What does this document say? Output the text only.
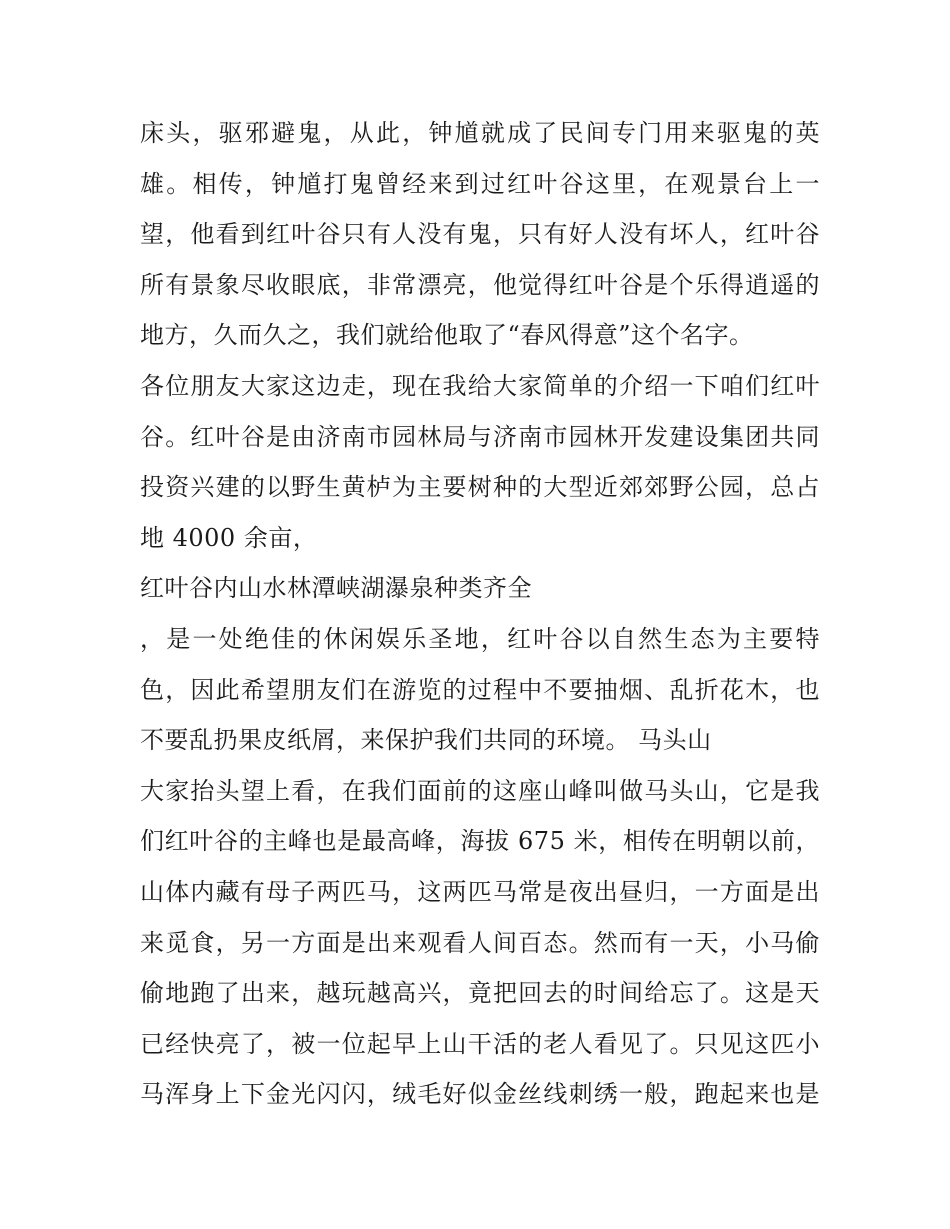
床头，驱邪避鬼，从此，钟馗就成了民间专门用来驱鬼的英
雄。相传，钟馗打鬼曾经来到过红叶谷这里，在观景台上一
望，他看到红叶谷只有人没有鬼，只有好人没有坏人，红叶谷
所有景象尽收眼底，非常漂亮，他觉得红叶谷是个乐得逍遥的
地方，久而久之，我们就给他取了“春风得意”这个名字。
各位朋友大家这边走，现在我给大家简单的介绍一下咱们红叶
谷。红叶谷是由济南市园林局与济南市园林开发建设集团共同
投资兴建的以野生黄栌为主要树种的大型近郊郊野公园，总占
地 4000 余亩，
红叶谷内山水林潭峡湖瀑泉种类齐全
，是一处绝佳的休闲娱乐圣地，红叶谷以自然生态为主要特
色，因此希望朋友们在游览的过程中不要抽烟、乱折花木，也
不要乱扔果皮纸屑，来保护我们共同的环境。 马头山
大家抬头望上看，在我们面前的这座山峰叫做马头山，它是我
们红叶谷的主峰也是最高峰，海拔 675 米，相传在明朝以前，
山体内藏有母子两匹马，这两匹马常是夜出昼归，一方面是出
来觅食，另一方面是出来观看人间百态。然而有一天，小马偷
偷地跑了出来，越玩越高兴，竟把回去的时间给忘了。这是天
已经快亮了，被一位起早上山干活的老人看见了。只见这匹小
马浑身上下金光闪闪，绒毛好似金丝线刺绣一般，跑起来也是
